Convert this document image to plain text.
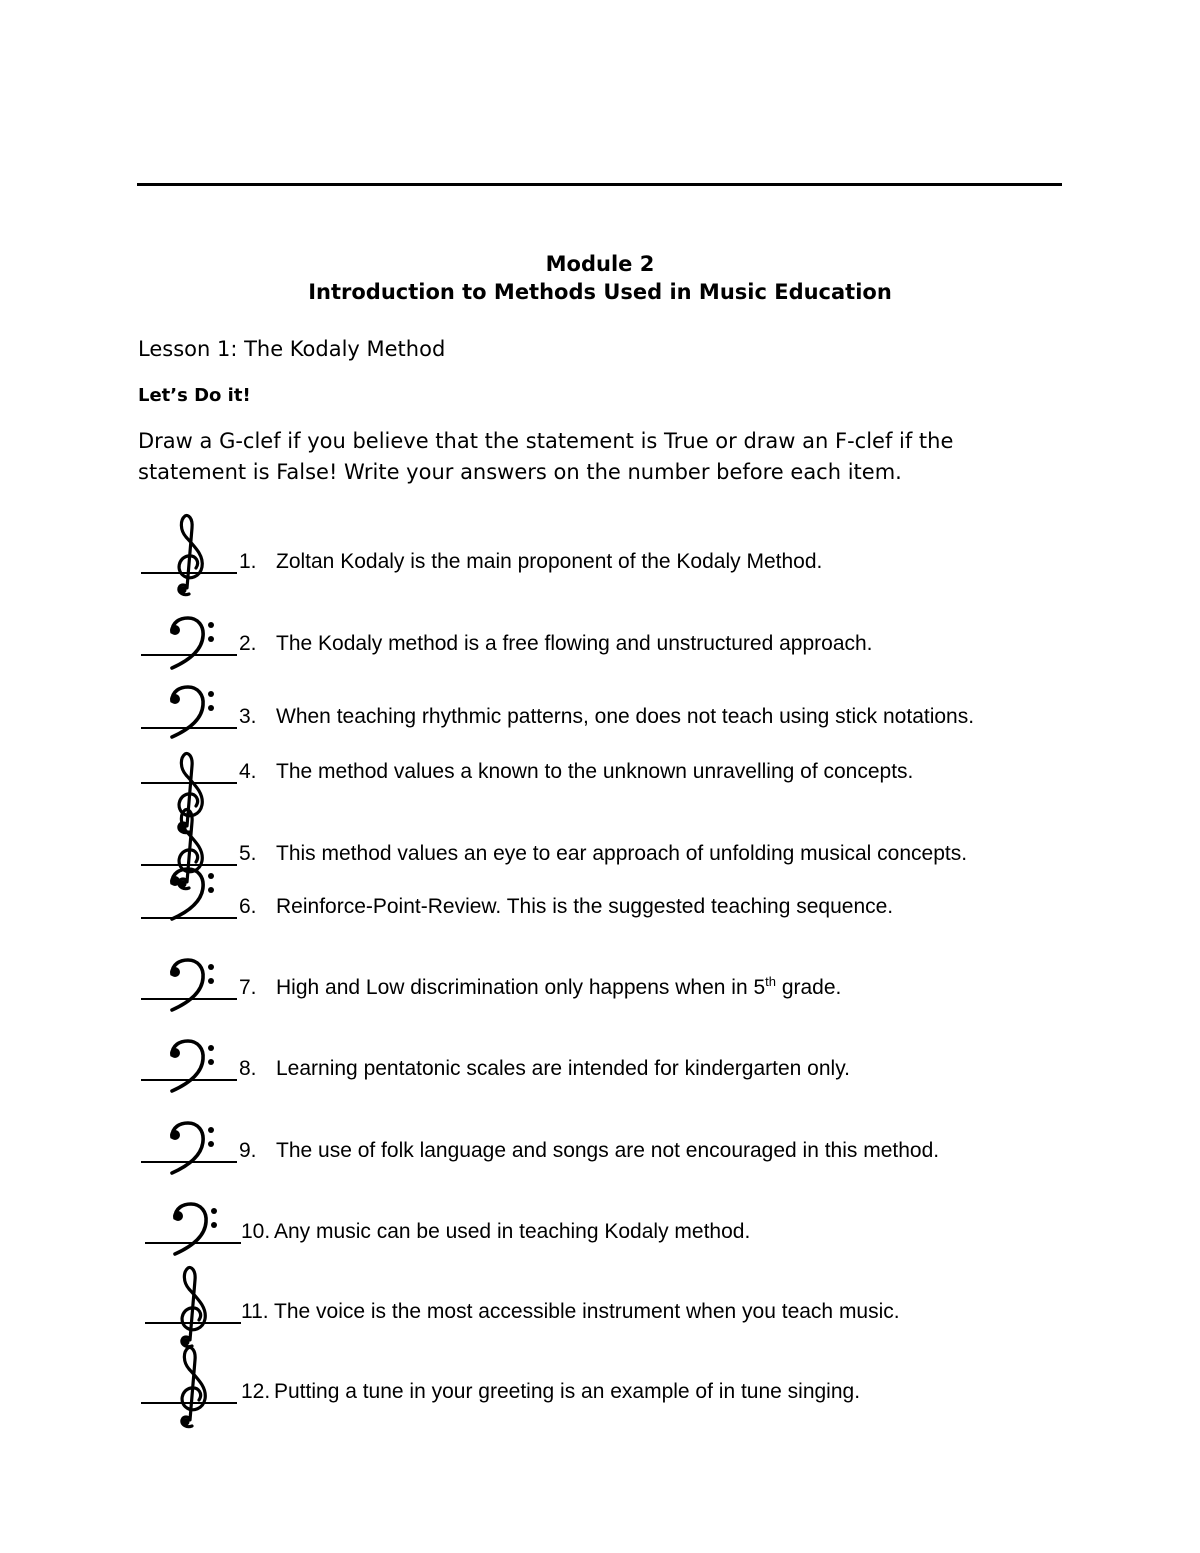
Module 2
Introduction to Methods Used in Music Education
Lesson 1: The Kodaly Method
Let’s Do it!
Draw a G-clef if you believe that the statement is True or draw an F-clef if the statement is False! Write your answers on the number before each item.
1. Zoltan Kodaly is the main proponent of the Kodaly Method.
2. The Kodaly method is a free flowing and unstructured approach.
3. When teaching rhythmic patterns, one does not teach using stick notations.
4. The method values a known to the unknown unravelling of concepts.
5. This method values an eye to ear approach of unfolding musical concepts.
6. Reinforce-Point-Review. This is the suggested teaching sequence.
7. High and Low discrimination only happens when in 5th grade.
8. Learning pentatonic scales are intended for kindergarten only.
9. The use of folk language and songs are not encouraged in this method.
10. Any music can be used in teaching Kodaly method.
11. The voice is the most accessible instrument when you teach music.
12. Putting a tune in your greeting is an example of in tune singing.
